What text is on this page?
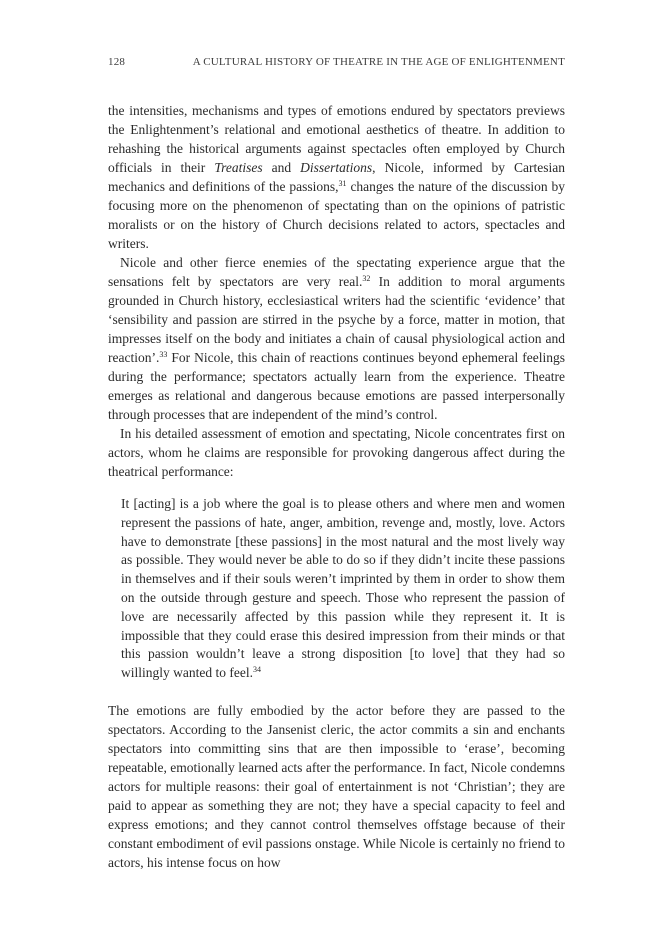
128	A CULTURAL HISTORY OF THEATRE IN THE AGE OF ENLIGHTENMENT

the intensities, mechanisms and types of emotions endured by spectators previews the Enlightenment’s relational and emotional aesthetics of theatre. In addition to rehashing the historical arguments against spectacles often employed by Church officials in their Treatises and Dissertations, Nicole, informed by Cartesian mechanics and definitions of the passions,$^{31}$ changes the nature of the discussion by focusing more on the phenomenon of spectating than on the opinions of patristic moralists or on the history of Church decisions related to actors, spectacles and writers.

Nicole and other fierce enemies of the spectating experience argue that the sensations felt by spectators are very real.$^{32}$ In addition to moral arguments grounded in Church history, ecclesiastical writers had the scientific ‘evidence’ that ‘sensibility and passion are stirred in the psyche by a force, matter in motion, that impresses itself on the body and initiates a chain of causal physiological action and reaction’.$^{33}$ For Nicole, this chain of reactions continues beyond ephemeral feelings during the performance; spectators actually learn from the experience. Theatre emerges as relational and dangerous because emotions are passed interpersonally through processes that are independent of the mind’s control.

In his detailed assessment of emotion and spectating, Nicole concentrates first on actors, whom he claims are responsible for provoking dangerous affect during the theatrical performance:

It [acting] is a job where the goal is to please others and where men and women represent the passions of hate, anger, ambition, revenge and, mostly, love. Actors have to demonstrate [these passions] in the most natural and the most lively way as possible. They would never be able to do so if they didn’t incite these passions in themselves and if their souls weren’t imprinted by them in order to show them on the outside through gesture and speech. Those who represent the passion of love are necessarily affected by this passion while they represent it. It is impossible that they could erase this desired impression from their minds or that this passion wouldn’t leave a strong disposition [to love] that they had so willingly wanted to feel.$^{34}$

The emotions are fully embodied by the actor before they are passed to the spectators. According to the Jansenist cleric, the actor commits a sin and enchants spectators into committing sins that are then impossible to ‘erase’, becoming repeatable, emotionally learned acts after the performance. In fact, Nicole condemns actors for multiple reasons: their goal of entertainment is not ‘Christian’; they are paid to appear as something they are not; they have a special capacity to feel and express emotions; and they cannot control themselves offstage because of their constant embodiment of evil passions onstage. While Nicole is certainly no friend to actors, his intense focus on how
